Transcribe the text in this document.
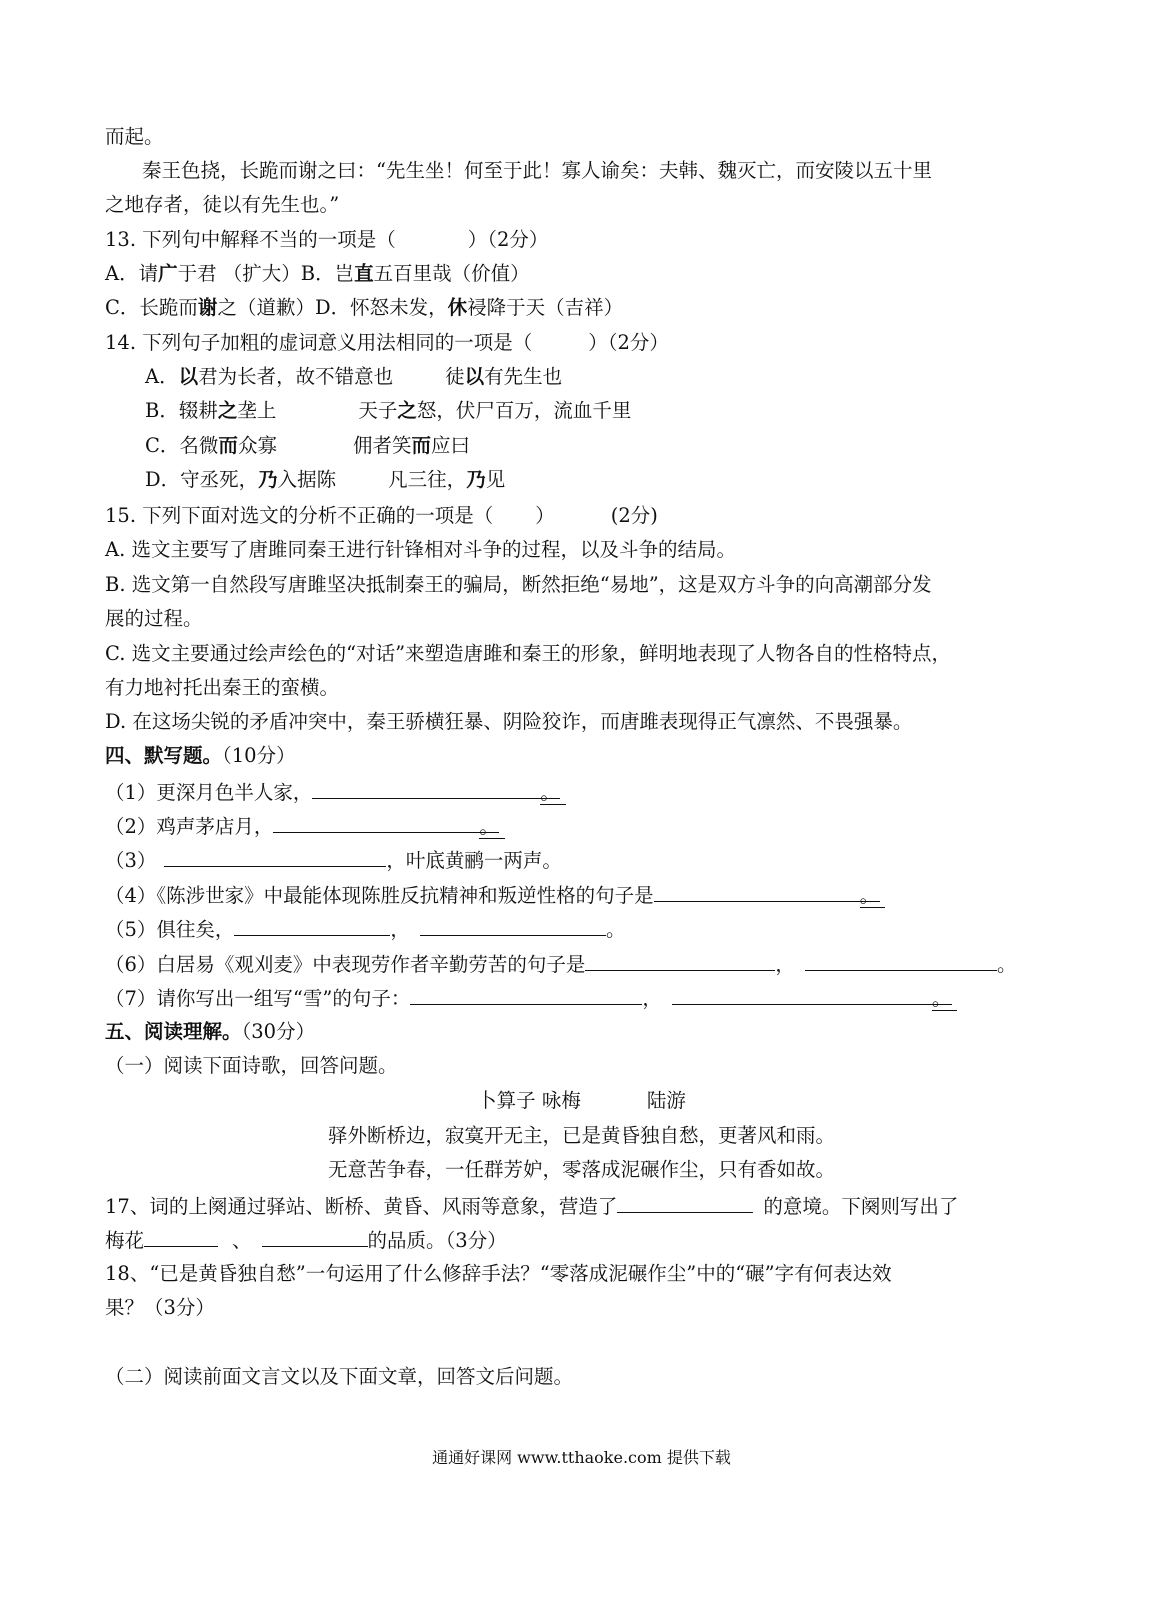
而起。
秦王色挠，长跪而谢之曰：“先生坐！何至于此！寡人谕矣：夫韩、魏灭亡，而安陵以五十里
之地存者，徒以有先生也。”
13. 下列句中解释不当的一项是（	）（2分）
A．请广于君 （扩大）B．岂直五百里哉（价值）
C．长跪而谢之（道歉）D．怀怒未发，休祲降于天（吉祥）
14. 下列句子加粗的虚词意义用法相同的一项是（	）（2分）
A．以君为长者，故不错意也	徒以有先生也
B．辍耕之垄上	天子之怒，伏尸百万，流血千里
C．名微而众寡	佣者笑而应曰
D．守丞死，乃入据陈	凡三往，乃见
15. 下列下面对选文的分析不正确的一项是（ ）	(2分)
A. 选文主要写了唐雎同秦王进行针锋相对斗争的过程，以及斗争的结局。
B. 选文第一自然段写唐雎坚决抵制秦王的骗局，断然拒绝“易地”，这是双方斗争的向高潮部分发
展的过程。
C. 选文主要通过绘声绘色的“对话”来塑造唐雎和秦王的形象，鲜明地表现了人物各自的性格特点，
有力地衬托出秦王的蛮横。
D. 在这场尖锐的矛盾冲突中，秦王骄横狂暴、阴险狡诈，而唐雎表现得正气凛然、不畏强暴。
四、默写题。（10分）
（1）更深月色半人家，	。
（2）鸡声茅店月，	。
（3）	，叶底黄鹂一两声。
（4）《陈涉世家》中最能体现陈胜反抗精神和叛逆性格的句子是	。
（5）俱往矣，	，	。
（6）白居易《观刈麦》中表现劳作者辛勤劳苦的句子是	，	。
（7）请你写出一组写“雪”的句子：	，	。
五、阅读理解。（30分）
（一）阅读下面诗歌，回答问题。
卜算子 咏梅	陆游
驿外断桥边，寂寞开无主，已是黄昏独自愁，更著风和雨。
无意苦争春，一任群芳妒，零落成泥碾作尘，只有香如故。
17、词的上阕通过驿站、断桥、黄昏、风雨等意象，营造了	的意境。下阕则写出了
梅花	、	的品质。（3分）
18、“已是黄昏独自愁”一句运用了什么修辞手法？“零落成泥碾作尘”中的“碾”字有何表达效
果？（3分）
（二）阅读前面文言文以及下面文章，回答文后问题。
通通好课网 www.tthaoke.com 提供下载
